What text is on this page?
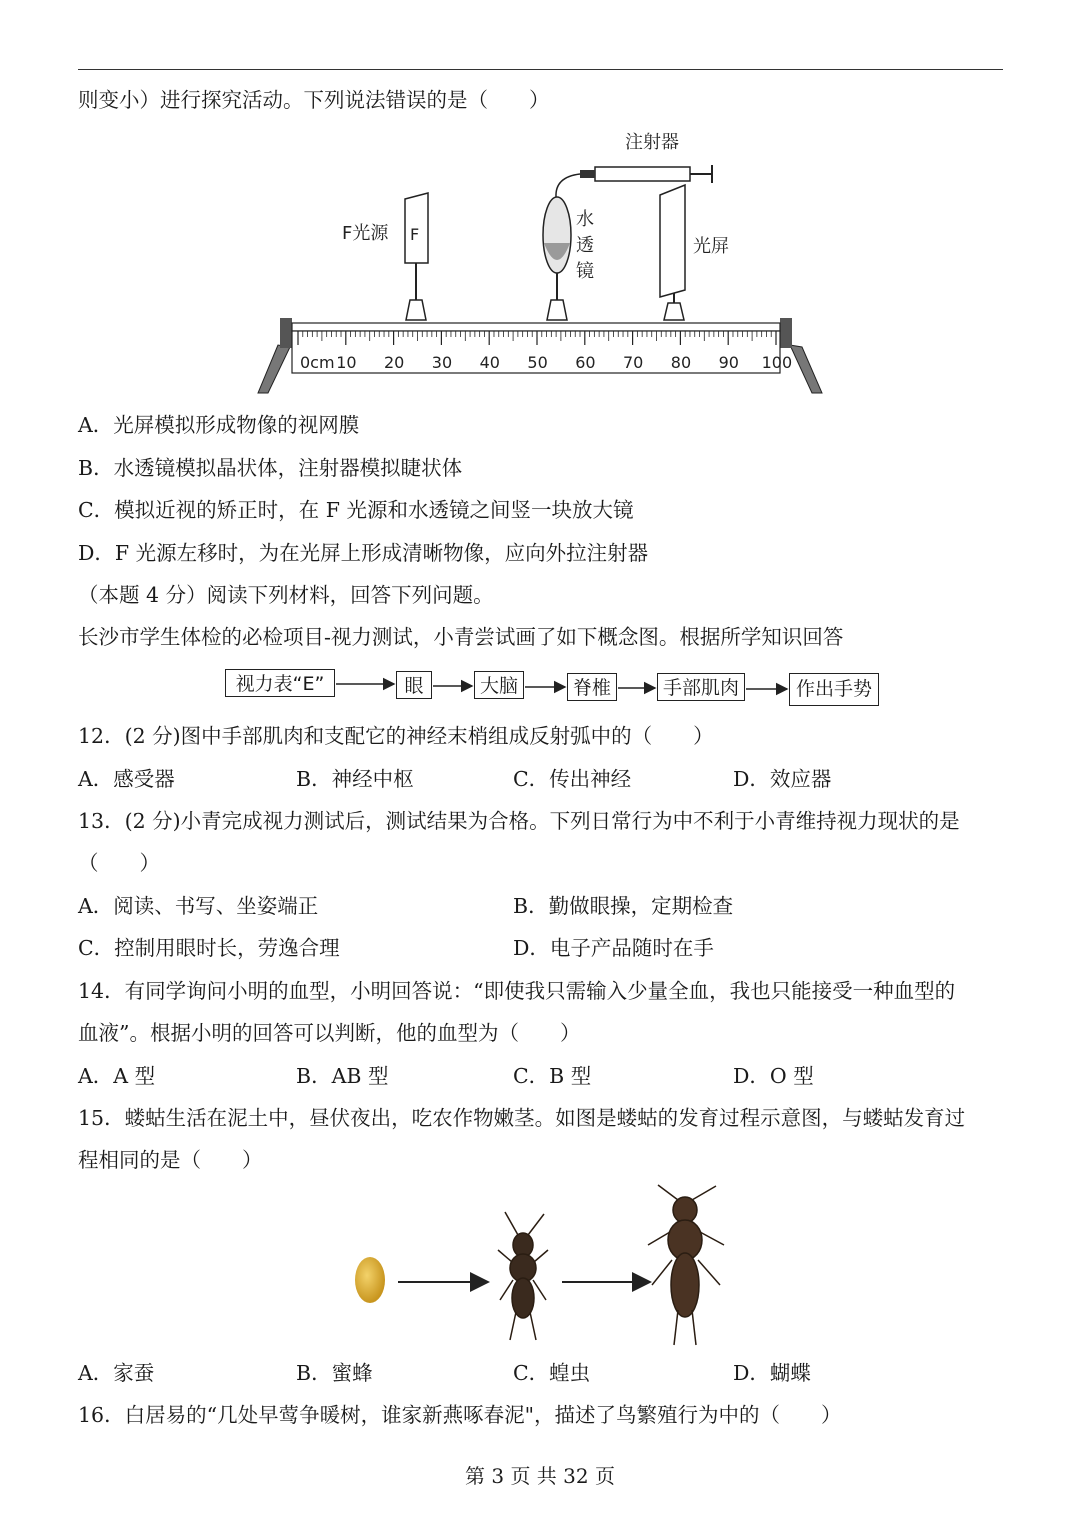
则变小）进行探究活动。下列说法错误的是（　　）
注射器
F
F光源
水
透
镜
光屏
0cm 10 20 30 40 50 60 70 80 90 100
A．光屏模拟形成物像的视网膜
B．水透镜模拟晶状体，注射器模拟睫状体
C．模拟近视的矫正时，在 F 光源和水透镜之间竖一块放大镜
D．F 光源左移时，为在光屏上形成清晰物像，应向外拉注射器
（本题 4 分）阅读下列材料，回答下列问题。
长沙市学生体检的必检项目-视力测试，小青尝试画了如下概念图。根据所学知识回答
视力表“E”	眼	大脑	脊椎	手部肌肉	作出手势
12．(2 分)图中手部肌肉和支配它的神经末梢组成反射弧中的（　　）
A．感受器	B．神经中枢	C．传出神经	D．效应器
13．(2 分)小青完成视力测试后，测试结果为合格。下列日常行为中不利于小青维持视力现状的是
（　　）
A．阅读、书写、坐姿端正	B．勤做眼操，定期检查
C．控制用眼时长，劳逸合理	D．电子产品随时在手
14．有同学询问小明的血型，小明回答说：“即使我只需输入少量全血，我也只能接受一种血型的
血液”。根据小明的回答可以判断，他的血型为（　　）
A．A 型	B．AB 型	C．B 型	D．O 型
15．蝼蛄生活在泥土中，昼伏夜出，吃农作物嫩茎。如图是蝼蛄的发育过程示意图，与蝼蛄发育过
程相同的是（　　）
A．家蚕	B．蜜蜂	C．蝗虫	D．蝴蝶
16．白居易的“几处早莺争暖树，谁家新燕啄春泥"，描述了鸟繁殖行为中的（　　）
第 3 页 共 32 页
